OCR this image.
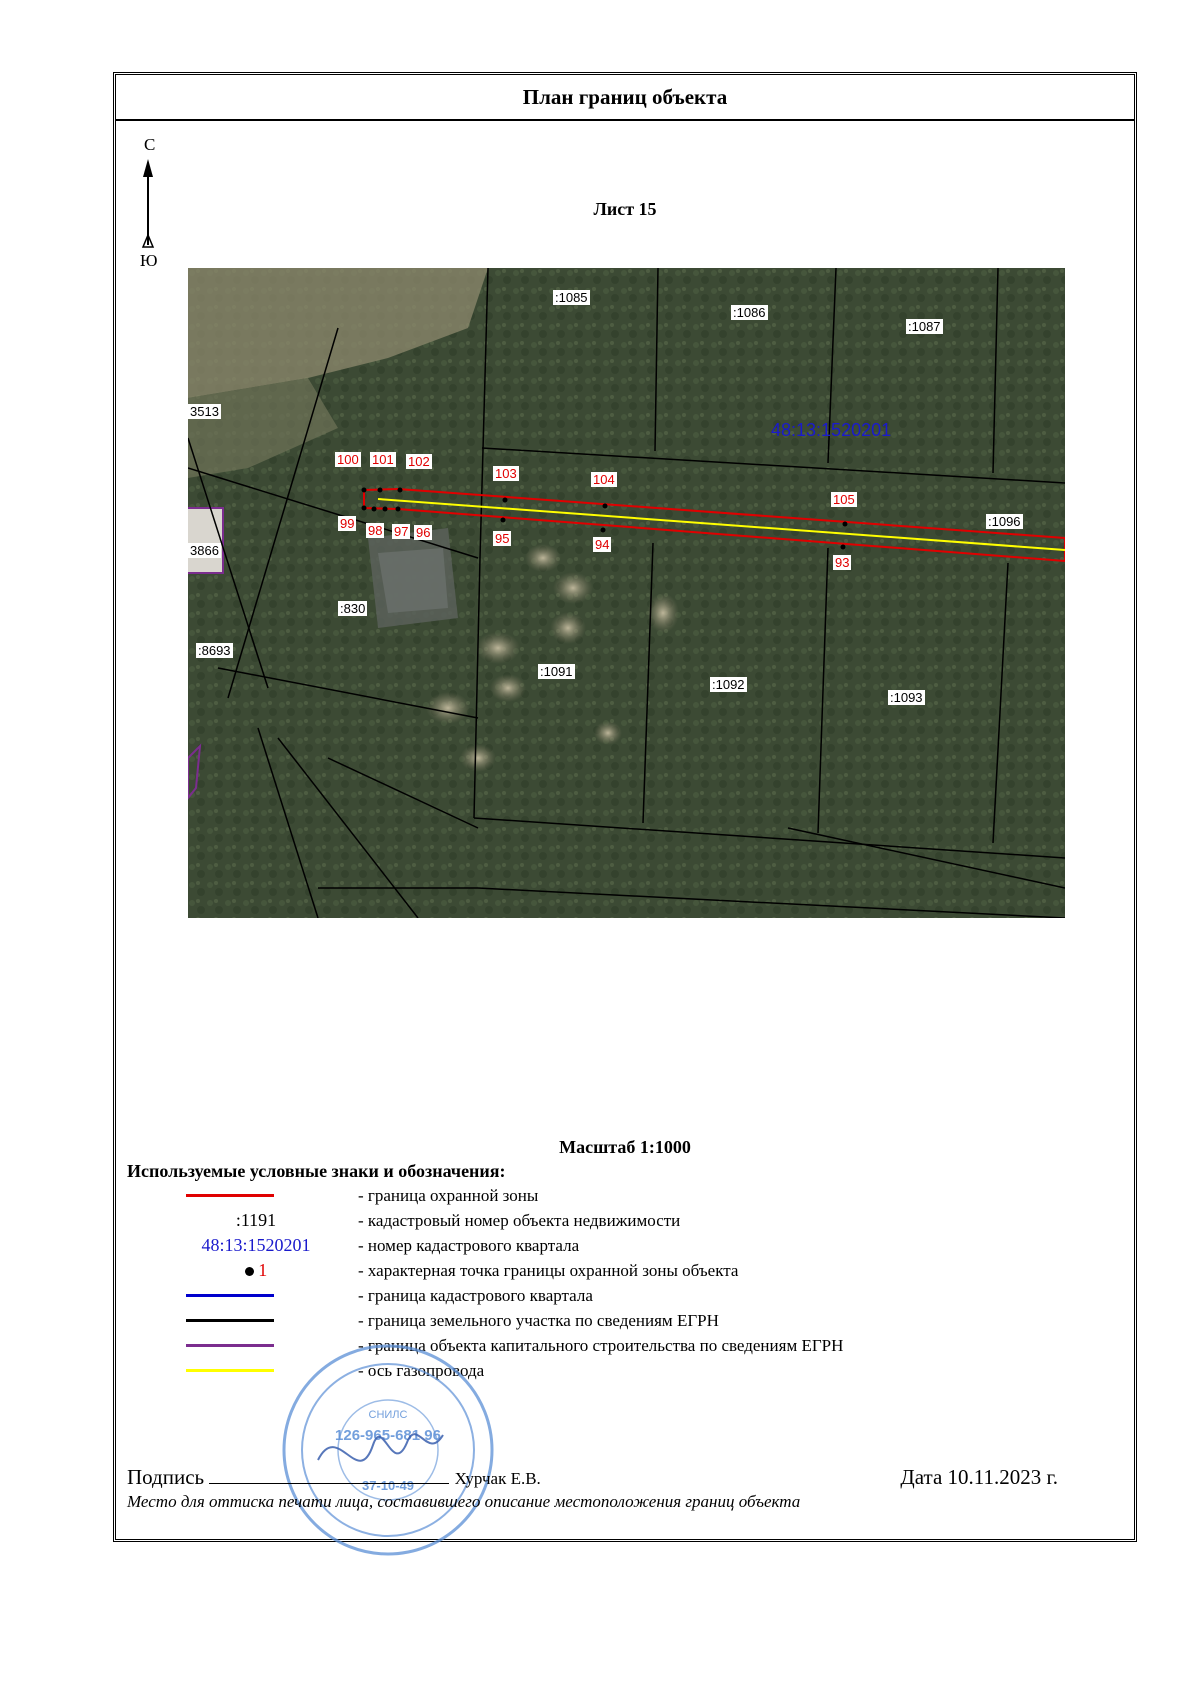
План границ объекта
С
Ю
Лист 15
48:13:1520201
:1085
:1086
:1087
3513
:1096
3866
:830
:8693
:1091
:1092
:1093
100 101 102
103	104
105
99 98 97 96	95	94
93
Масштаб 1:1000
Используемые условные знаки и обозначения:
- граница охранной зоны
:1191	- кадастровый номер объекта недвижимости
48:13:1520201	- номер кадастрового квартала
1	- характерная точка границы охранной зоны объекта
- граница кадастрового квартала
- граница земельного участка по сведениям ЕГРН
- граница объекта капитального строительства по сведениям ЕГРН
- ось газопровода
СНИЛС
126-965-681 96
37-10-49
Подпись	Хурчак Е.В.	Дата 10.11.2023 г.
Место для оттиска печати лица, составившего описание местоположения границ объекта
